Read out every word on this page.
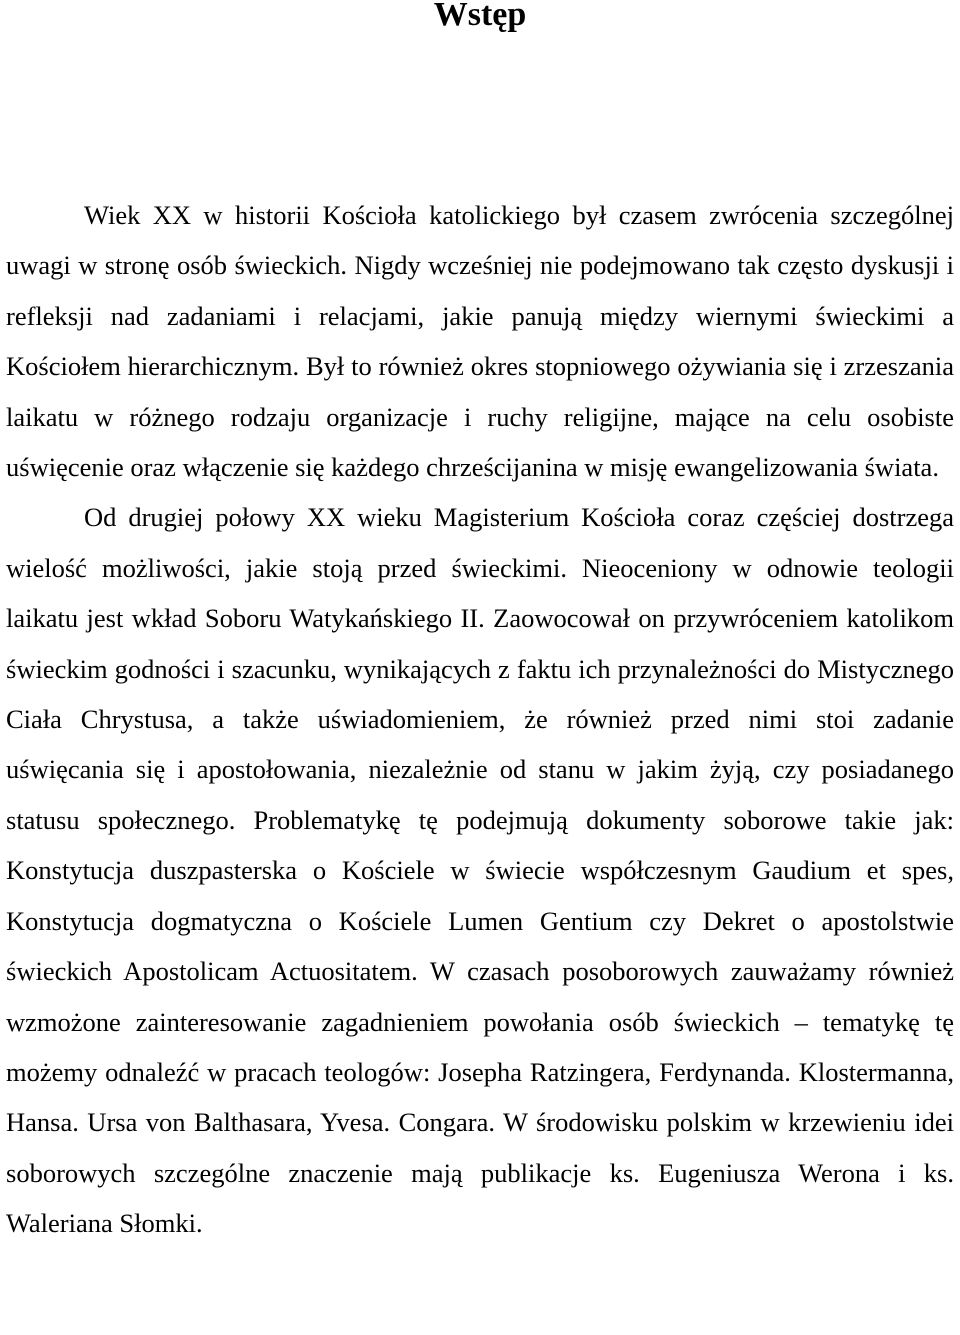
Wstęp

Wiek XX w historii Kościoła katolickiego był czasem zwrócenia szczególnej uwagi w stronę osób świeckich. Nigdy wcześniej nie podejmowano tak często dyskusji i refleksji nad zadaniami i relacjami, jakie panują między wiernymi świeckimi a Kościołem hierarchicznym. Był to również okres stopniowego ożywiania się i zrzeszania laikatu w różnego rodzaju organizacje i ruchy religijne, mające na celu osobiste uświęcenie oraz włączenie się każdego chrześcijanina w misję ewangelizowania świata.

Od drugiej połowy XX wieku Magisterium Kościoła coraz częściej dostrzega wielość możliwości, jakie stoją przed świeckimi. Nieoceniony w odnowie teologii laikatu jest wkład Soboru Watykańskiego II. Zaowocował on przywróceniem katolikom świeckim godności i szacunku, wynikających z faktu ich przynależności do Mistycznego Ciała Chrystusa, a także uświadomieniem, że również przed nimi stoi zadanie uświęcania się i apostołowania, niezależnie od stanu w jakim żyją, czy posiadanego statusu społecznego. Problematykę tę podejmują dokumenty soborowe takie jak: Konstytucja duszpasterska o Kościele w świecie współczesnym Gaudium et spes, Konstytucja dogmatyczna o Kościele Lumen Gentium czy Dekret o apostolstwie świeckich Apostolicam Actuositatem. W czasach posoborowych zauważamy również wzmożone zainteresowanie zagadnieniem powołania osób świeckich – tematykę tę możemy odnaleźć w pracach teologów: Josepha Ratzingera, Ferdynanda. Klostermanna, Hansa. Ursa von Balthasara, Yvesa. Congara. W środowisku polskim w krzewieniu idei soborowych szczególne znaczenie mają publikacje ks. Eugeniusza Werona i ks. Waleriana Słomki.
